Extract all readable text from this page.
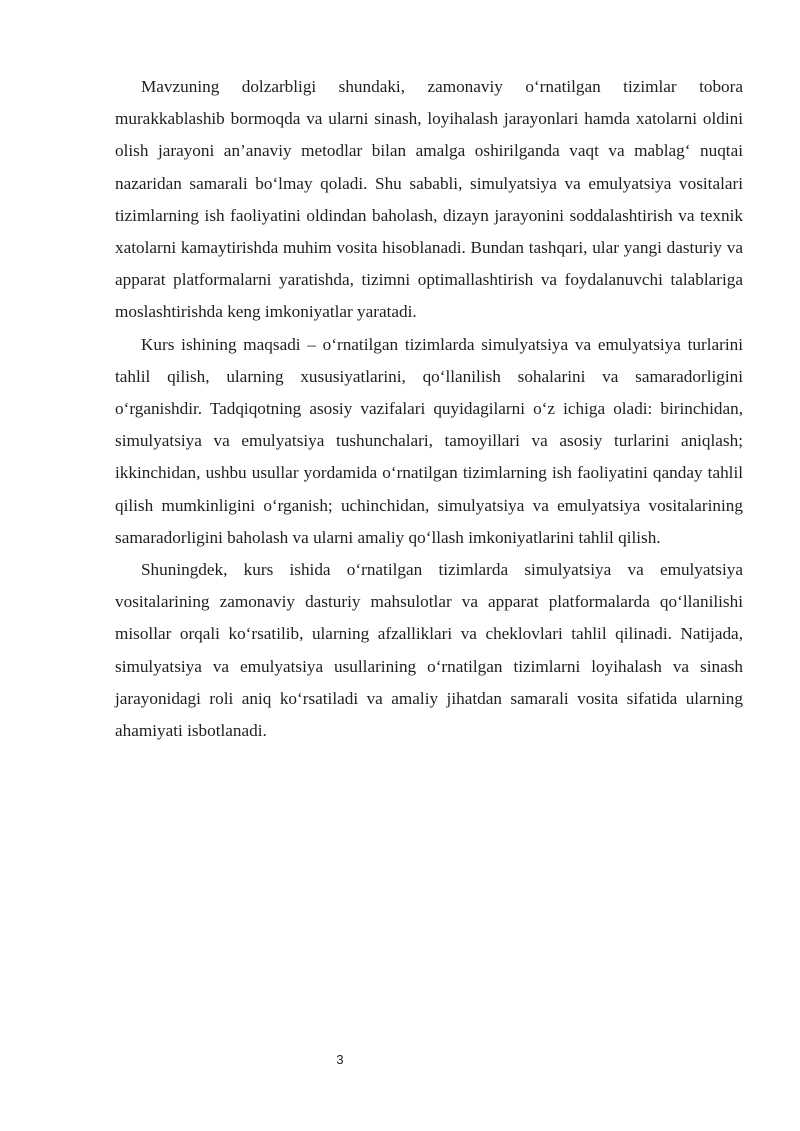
Mavzuning dolzarbligi shundaki, zamonaviy o‘rnatilgan tizimlar tobora murakkablashib bormoqda va ularni sinash, loyihalash jarayonlari hamda xatolarni oldini olish jarayoni an’anaviy metodlar bilan amalga oshirilganda vaqt va mablag‘ nuqtai nazaridan samarali bo‘lmay qoladi. Shu sababli, simulyatsiya va emulyatsiya vositalari tizimlarning ish faoliyatini oldindan baholash, dizayn jarayonini soddalashtirish va texnik xatolarni kamaytirishda muhim vosita hisoblanadi. Bundan tashqari, ular yangi dasturiy va apparat platformalarni yaratishda, tizimni optimallashtirish va foydalanuvchi talablariga moslashtirishda keng imkoniyatlar yaratadi.

Kurs ishining maqsadi – o‘rnatilgan tizimlarda simulyatsiya va emulyatsiya turlarini tahlil qilish, ularning xususiyatlarini, qo‘llanilish sohalarini va samaradorligini o‘rganishdir. Tadqiqotning asosiy vazifalari quyidagilarni o‘z ichiga oladi: birinchidan, simulyatsiya va emulyatsiya tushunchalari, tamoyillari va asosiy turlarini aniqlash; ikkinchidan, ushbu usullar yordamida o‘rnatilgan tizimlarning ish faoliyatini qanday tahlil qilish mumkinligini o‘rganish; uchinchidan, simulyatsiya va emulyatsiya vositalarining samaradorligini baholash va ularni amaliy qo‘llash imkoniyatlarini tahlil qilish.

Shuningdek, kurs ishida o‘rnatilgan tizimlarda simulyatsiya va emulyatsiya vositalarining zamonaviy dasturiy mahsulotlar va apparat platformalarda qo‘llanilishi misollar orqali ko‘rsatilib, ularning afzalliklari va cheklovlari tahlil qilinadi. Natijada, simulyatsiya va emulyatsiya usullarining o‘rnatilgan tizimlarni loyihalash va sinash jarayonidagi roli aniq ko‘rsatiladi va amaliy jihatdan samarali vosita sifatida ularning ahamiyati isbotlanadi.

3
